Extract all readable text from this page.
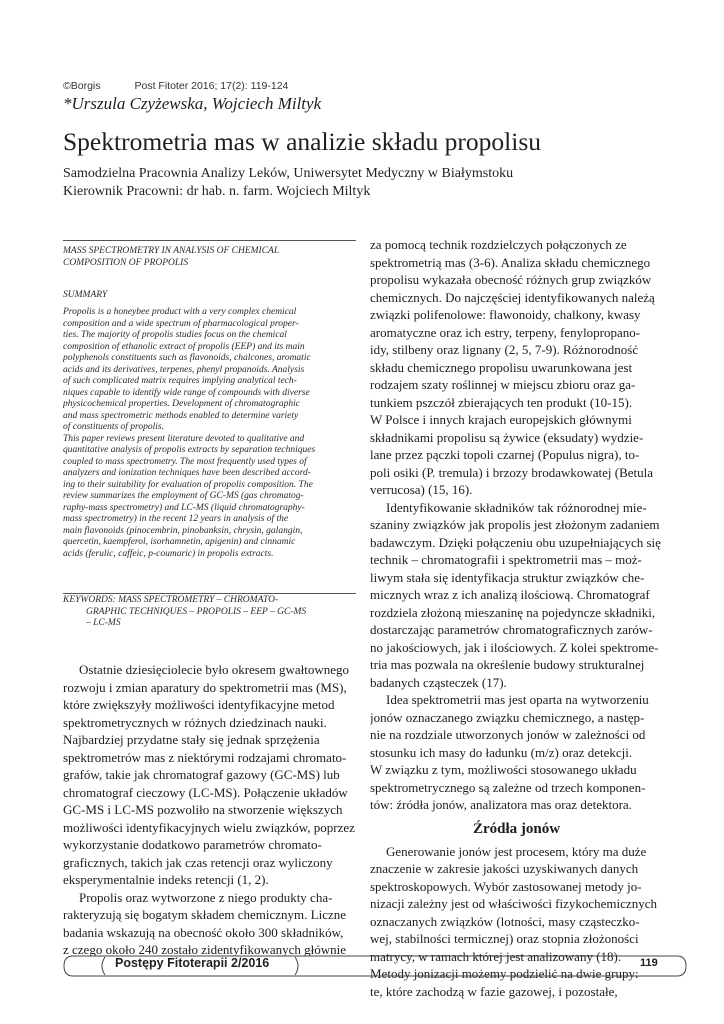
©Borgis	Post Fitoter 2016; 17(2): 119-124
*Urszula Czyżewska, Wojciech Miltyk
Spektrometria mas w analizie składu propolisu
Samodzielna Pracownia Analizy Leków, Uniwersytet Medyczny w Białymstoku
Kierownik Pracowni: dr hab. n. farm. Wojciech Miltyk
MASS SPECTROMETRY IN ANALYSIS OF CHEMICAL
COMPOSITION OF PROPOLIS
SUMMARY
Propolis is a honeybee product with a very complex chemical
composition and a wide spectrum of pharmacological proper-
ties. The majority of propolis studies focus on the chemical
composition of ethanolic extract of propolis (EEP) and its main
polyphenols constituents such as flavonoids, chalcones, aromatic
acids and its derivatives, terpenes, phenyl propanoids. Analysis
of such complicated matrix requires implying analytical tech-
niques capable to identify wide range of compounds with diverse
physicochemical properties. Development of chromatographic
and mass spectrometric methods enabled to determine variety
of constituents of propolis.
This paper reviews present literature devoted to qualitative and
quantitative analysis of propolis extracts by separation techniques
coupled to mass spectrometry. The most frequently used types of
analyzers and ionization techniques have been described accord-
ing to their suitability for evaluation of propolis composition. The
review summarizes the employment of GC-MS (gas chromatog-
raphy-mass spectrometry) and LC-MS (liquid chromatography-
mass spectrometry) in the recent 12 years in analysis of the
main flavonoids (pinocembrin, pinobanksin, chrysin, galangin,
quercetin, kaempferol, isorhamnetin, apigenin) and cinnamic
acids (ferulic, caffeic, p-coumaric) in propolis extracts.
KEYWORDS: MASS SPECTROMETRY – CHROMATO-
GRAPHIC TECHNIQUES – PROPOLIS – EEP – GC-MS
– LC-MS
Ostatnie dziesięciolecie było okresem gwałtownego
rozwoju i zmian aparatury do spektrometrii mas (MS),
które zwiększyły możliwości identyfikacyjne metod
spektrometrycznych w różnych dziedzinach nauki.
Najbardziej przydatne stały się jednak sprzężenia
spektrometrów mas z niektórymi rodzajami chromato-
grafów, takie jak chromatograf gazowy (GC-MS) lub
chromatograf cieczowy (LC-MS). Połączenie układów
GC-MS i LC-MS pozwoliło na stworzenie większych
możliwości identyfikacyjnych wielu związków, poprzez
wykorzystanie dodatkowo parametrów chromato-
graficznych, takich jak czas retencji oraz wyliczony
eksperymentalnie indeks retencji (1, 2).
Propolis oraz wytworzone z niego produkty cha-
rakteryzują się bogatym składem chemicznym. Liczne
badania wskazują na obecność około 300 składników,
z czego około 240 zostało zidentyfikowanych głównie
za pomocą technik rozdzielczych połączonych ze
spektrometrią mas (3-6). Analiza składu chemicznego
propolisu wykazała obecność różnych grup związków
chemicznych. Do najczęściej identyfikowanych należą
związki polifenolowe: flawonoidy, chalkony, kwasy
aromatyczne oraz ich estry, terpeny, fenylopropano-
idy, stilbeny oraz lignany (2, 5, 7-9). Różnorodność
składu chemicznego propolisu uwarunkowana jest
rodzajem szaty roślinnej w miejscu zbioru oraz ga-
tunkiem pszczół zbierających ten produkt (10-15).
W Polsce i innych krajach europejskich głównymi
składnikami propolisu są żywice (eksudaty) wydzie-
lane przez pączki topoli czarnej (Populus nigra), to-
poli osiki (P. tremula) i brzozy brodawkowatej (Betula
verrucosa) (15, 16).
Identyfikowanie składników tak różnorodnej mie-
szaniny związków jak propolis jest złożonym zadaniem
badawczym. Dzięki połączeniu obu uzupełniających się
technik – chromatografii i spektrometrii mas – moż-
liwym stała się identyfikacja struktur związków che-
micznych wraz z ich analizą ilościową. Chromatograf
rozdziela złożoną mieszaninę na pojedyncze składniki,
dostarczając parametrów chromatograficznych zarów-
no jakościowych, jak i ilościowych. Z kolei spektrome-
tria mas pozwala na określenie budowy strukturalnej
badanych cząsteczek (17).
Idea spektrometrii mas jest oparta na wytworzeniu
jonów oznaczanego związku chemicznego, a następ-
nie na rozdziale utworzonych jonów w zależności od
stosunku ich masy do ładunku (m/z) oraz detekcji.
W związku z tym, możliwości stosowanego układu
spektrometrycznego są zależne od trzech komponen-
tów: źródła jonów, analizatora mas oraz detektora.
Źródła jonów
Generowanie jonów jest procesem, który ma duże
znaczenie w zakresie jakości uzyskiwanych danych
spektroskopowych. Wybór zastosowanej metody jo-
nizacji zależny jest od właściwości fizykochemicznych
oznaczanych związków (lotności, masy cząsteczko-
wej, stabilności termicznej) oraz stopnia złożoności
matrycy, w ramach której jest analizowany (18).
Metody jonizacji możemy podzielić na dwie grupy:
te, które zachodzą w fazie gazowej, i pozostałe,
Postępy Fitoterapii 2/2016	119
